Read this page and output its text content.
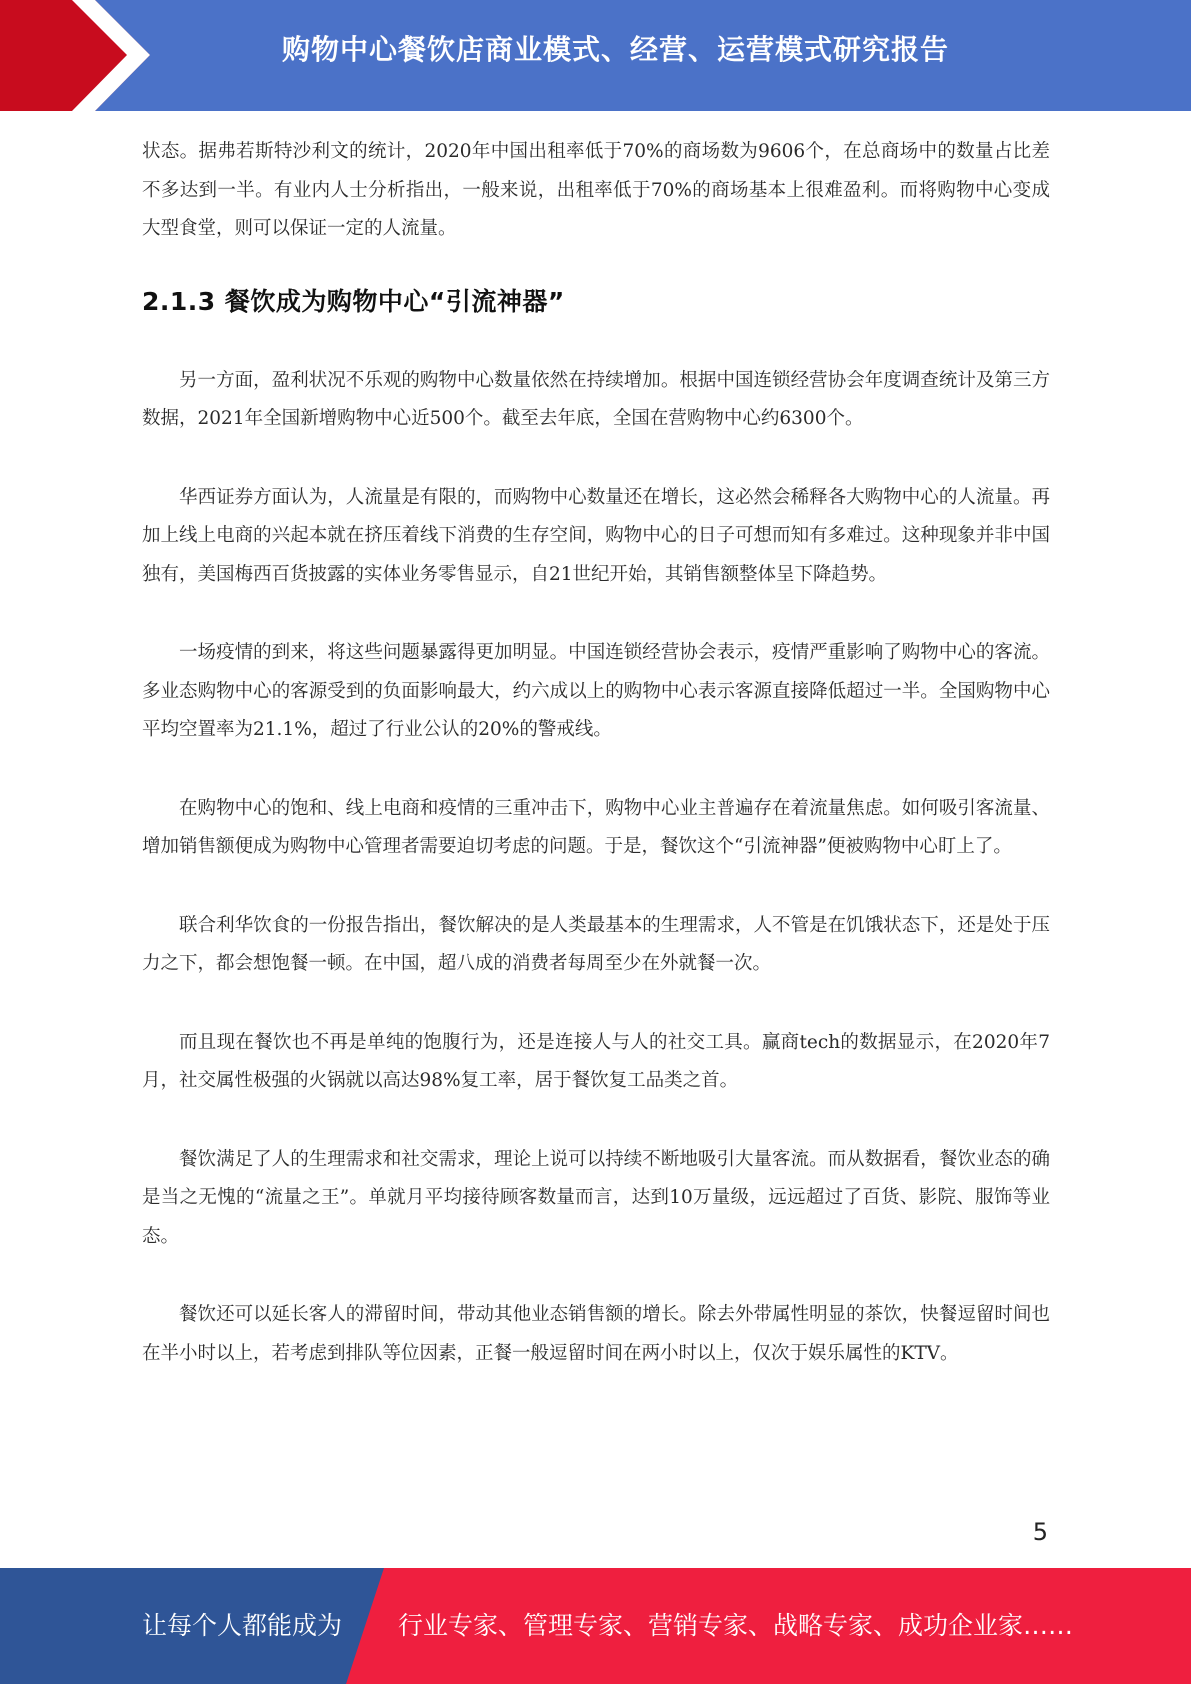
购物中心餐饮店商业模式、经营、运营模式研究报告

状态。据弗若斯特沙利文的统计，2020年中国出租率低于70%的商场数为9606个，在总商场中的数量占比差不多达到一半。有业内人士分析指出，一般来说，出租率低于70%的商场基本上很难盈利。而将购物中心变成大型食堂，则可以保证一定的人流量。

2.1.3 餐饮成为购物中心“引流神器”

另一方面，盈利状况不乐观的购物中心数量依然在持续增加。根据中国连锁经营协会年度调查统计及第三方数据，2021年全国新增购物中心近500个。截至去年底，全国在营购物中心约6300个。

华西证券方面认为，人流量是有限的，而购物中心数量还在增长，这必然会稀释各大购物中心的人流量。再加上线上电商的兴起本就在挤压着线下消费的生存空间，购物中心的日子可想而知有多难过。这种现象并非中国独有，美国梅西百货披露的实体业务零售显示，自21世纪开始，其销售额整体呈下降趋势。

一场疫情的到来，将这些问题暴露得更加明显。中国连锁经营协会表示，疫情严重影响了购物中心的客流。多业态购物中心的客源受到的负面影响最大，约六成以上的购物中心表示客源直接降低超过一半。全国购物中心平均空置率为21.1%，超过了行业公认的20%的警戒线。

在购物中心的饱和、线上电商和疫情的三重冲击下，购物中心业主普遍存在着流量焦虑。如何吸引客流量、增加销售额便成为购物中心管理者需要迫切考虑的问题。于是，餐饮这个“引流神器”便被购物中心盯上了。

联合利华饮食的一份报告指出，餐饮解决的是人类最基本的生理需求，人不管是在饥饿状态下，还是处于压力之下，都会想饱餐一顿。在中国，超八成的消费者每周至少在外就餐一次。

而且现在餐饮也不再是单纯的饱腹行为，还是连接人与人的社交工具。赢商tech的数据显示，在2020年7月，社交属性极强的火锅就以高达98%复工率，居于餐饮复工品类之首。

餐饮满足了人的生理需求和社交需求，理论上说可以持续不断地吸引大量客流。而从数据看，餐饮业态的确是当之无愧的“流量之王”。单就月平均接待顾客数量而言，达到10万量级，远远超过了百货、影院、服饰等业态。

餐饮还可以延长客人的滞留时间，带动其他业态销售额的增长。除去外带属性明显的茶饮，快餐逗留时间也在半小时以上，若考虑到排队等位因素，正餐一般逗留时间在两小时以上，仅次于娱乐属性的KTV。

5
让每个人都能成为 行业专家、管理专家、营销专家、战略专家、成功企业家……
